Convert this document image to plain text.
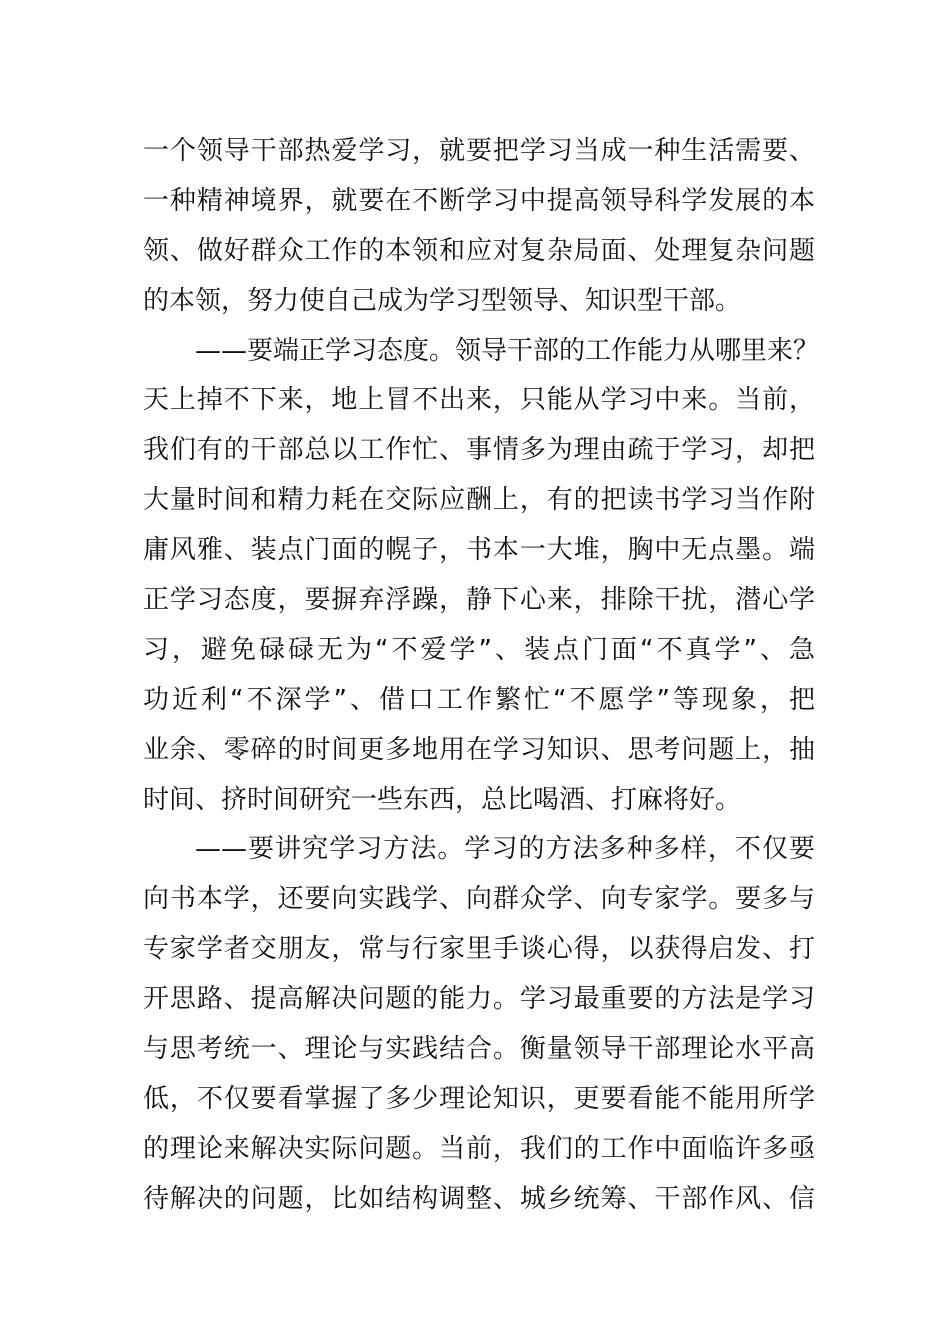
一个领导干部热爱学习，就要把学习当成一种生活需要、
一种精神境界，就要在不断学习中提高领导科学发展的本
领、做好群众工作的本领和应对复杂局面、处理复杂问题
的本领，努力使自己成为学习型领导、知识型干部。
——要端正学习态度。领导干部的工作能力从哪里来？
天上掉不下来，地上冒不出来，只能从学习中来。当前，
我们有的干部总以工作忙、事情多为理由疏于学习，却把
大量时间和精力耗在交际应酬上，有的把读书学习当作附
庸风雅、装点门面的幌子，书本一大堆，胸中无点墨。端
正学习态度，要摒弃浮躁，静下心来，排除干扰，潜心学
习，避免碌碌无为“不爱学”、装点门面“不真学”、急
功近利“不深学”、借口工作繁忙“不愿学”等现象，把
业余、零碎的时间更多地用在学习知识、思考问题上，抽
时间、挤时间研究一些东西，总比喝酒、打麻将好。
——要讲究学习方法。学习的方法多种多样，不仅要
向书本学，还要向实践学、向群众学、向专家学。要多与
专家学者交朋友，常与行家里手谈心得，以获得启发、打
开思路、提高解决问题的能力。学习最重要的方法是学习
与思考统一、理论与实践结合。衡量领导干部理论水平高
低，不仅要看掌握了多少理论知识，更要看能不能用所学
的理论来解决实际问题。当前，我们的工作中面临许多亟
待解决的问题，比如结构调整、城乡统筹、干部作风、信
